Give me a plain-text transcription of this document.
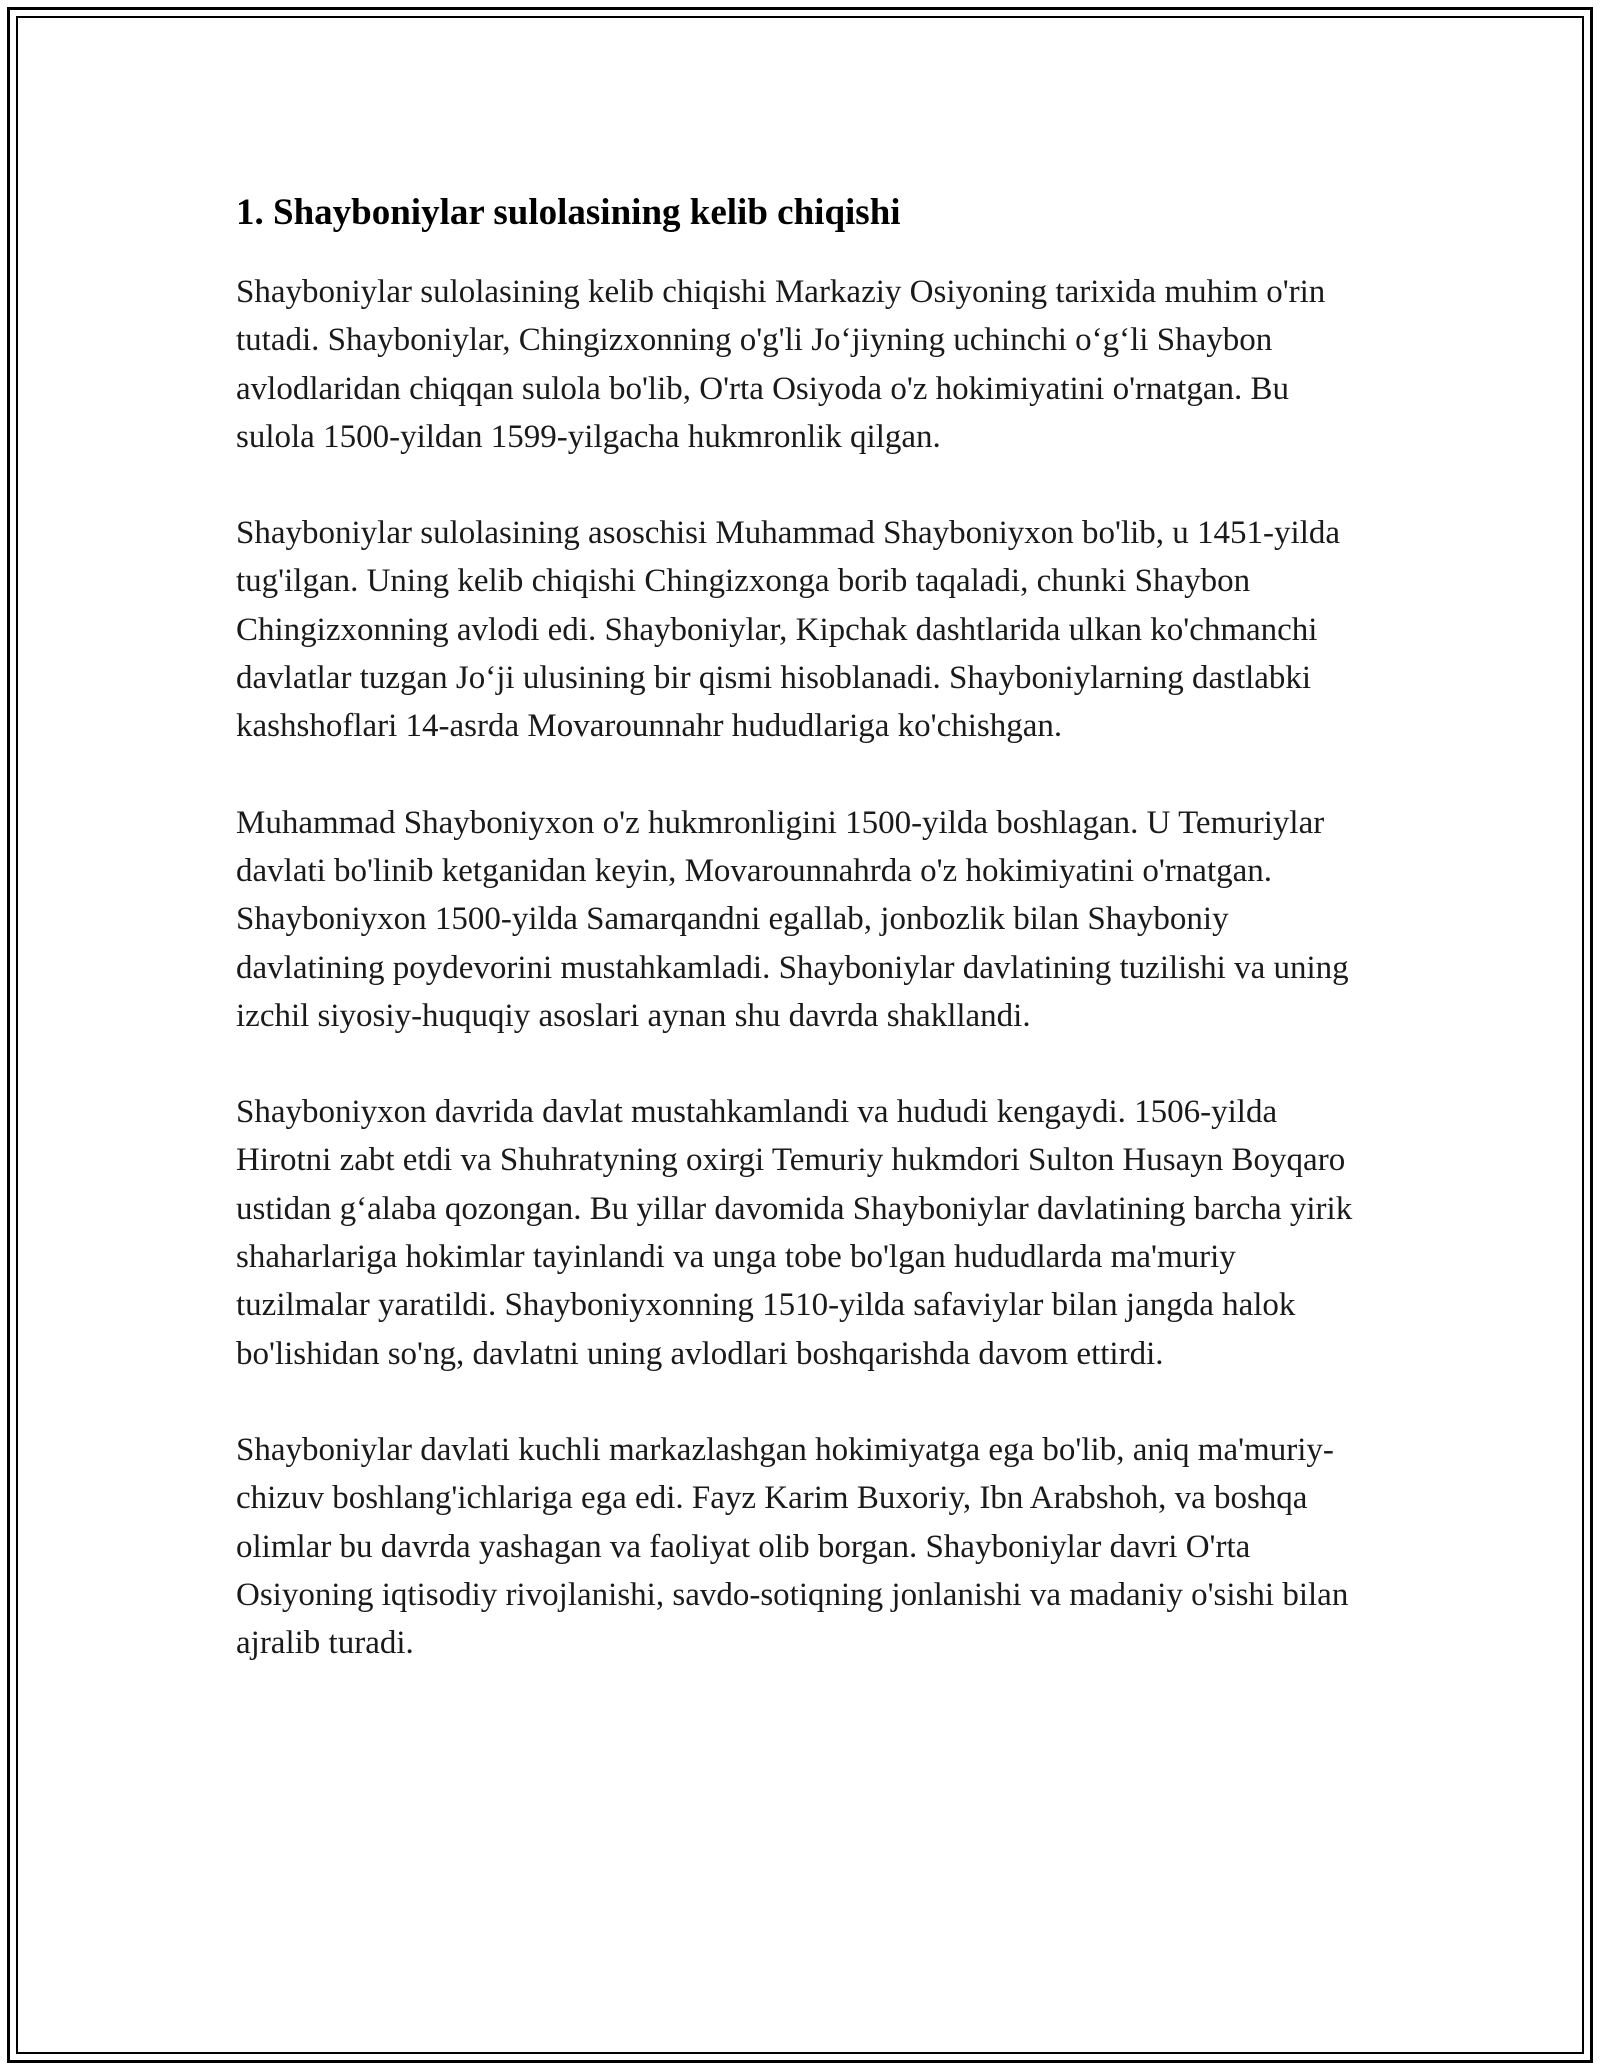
1. Shayboniylar sulolasining kelib chiqishi

Shayboniylar sulolasining kelib chiqishi Markaziy Osiyoning tarixida muhim o'rin tutadi. Shayboniylar, Chingizxonning o'g'li Jo‘jiyning uchinchi o‘g‘li Shaybon avlodlaridan chiqqan sulola bo'lib, O'rta Osiyoda o'z hokimiyatini o'rnatgan. Bu sulola 1500-yildan 1599-yilgacha hukmronlik qilgan.

Shayboniylar sulolasining asoschisi Muhammad Shayboniyxon bo'lib, u 1451-yilda tug'ilgan. Uning kelib chiqishi Chingizxonga borib taqaladi, chunki Shaybon Chingizxonning avlodi edi. Shayboniylar, Kipchak dashtlarida ulkan ko'chmanchi davlatlar tuzgan Jo‘ji ulusining bir qismi hisoblanadi. Shayboniylarning dastlabki kashshoflari 14-asrda Movarounnahr hududlariga ko'chishgan.

Muhammad Shayboniyxon o'z hukmronligini 1500-yilda boshlagan. U Temuriylar davlati bo'linib ketganidan keyin, Movarounnahrda o'z hokimiyatini o'rnatgan. Shayboniyxon 1500-yilda Samarqandni egallab, jonbozlik bilan Shayboniy davlatining poydevorini mustahkamladi. Shayboniylar davlatining tuzilishi va uning izchil siyosiy-huquqiy asoslari aynan shu davrda shakllandi.

Shayboniyxon davrida davlat mustahkamlandi va hududi kengaydi. 1506-yilda Hirotni zabt etdi va Shuhratyning oxirgi Temuriy hukmdori Sulton Husayn Boyqaro ustidan g‘alaba qozongan. Bu yillar davomida Shayboniylar davlatining barcha yirik shaharlariga hokimlar tayinlandi va unga tobe bo'lgan hududlarda ma'muriy tuzilmalar yaratildi. Shayboniyxonning 1510-yilda safaviylar bilan jangda halok bo'lishidan so'ng, davlatni uning avlodlari boshqarishda davom ettirdi.

Shayboniylar davlati kuchli markazlashgan hokimiyatga ega bo'lib, aniq ma'muriy-chizuv boshlang'ichlariga ega edi. Fayz Karim Buxoriy, Ibn Arabshoh, va boshqa olimlar bu davrda yashagan va faoliyat olib borgan. Shayboniylar davri O'rta Osiyoning iqtisodiy rivojlanishi, savdo-sotiqning jonlanishi va madaniy o'sishi bilan ajralib turadi.
